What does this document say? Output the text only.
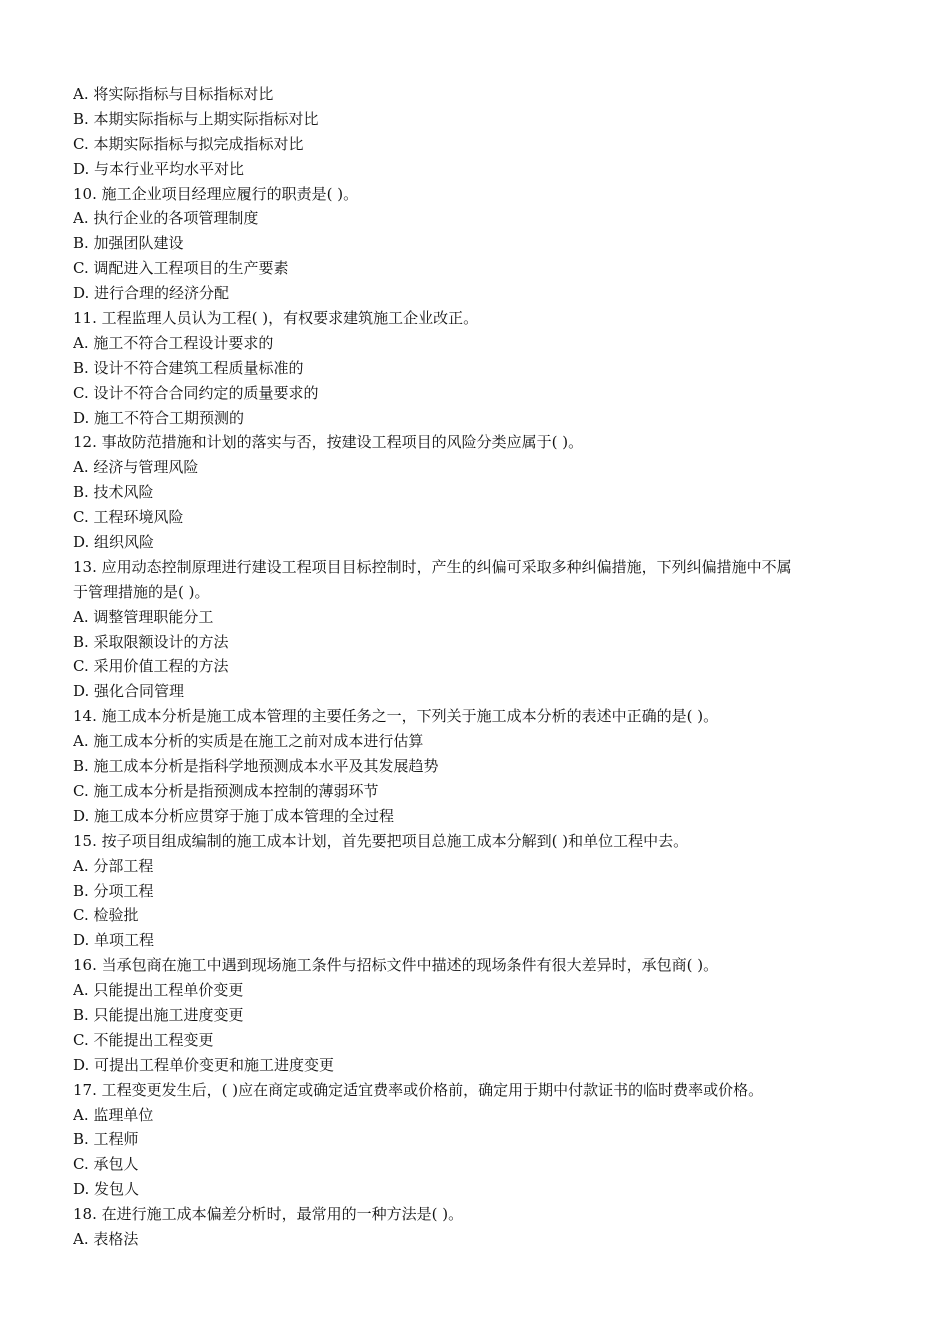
A. 将实际指标与目标指标对比
B. 本期实际指标与上期实际指标对比
C. 本期实际指标与拟完成指标对比
D. 与本行业平均水平对比
10. 施工企业项目经理应履行的职责是( )。
A. 执行企业的各项管理制度
B. 加强团队建设
C. 调配进入工程项目的生产要素
D. 进行合理的经济分配
11. 工程监理人员认为工程( )，有权要求建筑施工企业改正。
A. 施工不符合工程设计要求的
B. 设计不符合建筑工程质量标准的
C. 设计不符合合同约定的质量要求的
D. 施工不符合工期预测的
12. 事故防范措施和计划的落实与否，按建设工程项目的风险分类应属于( )。
A. 经济与管理风险
B. 技术风险
C. 工程环境风险
D. 组织风险
13. 应用动态控制原理进行建设工程项目目标控制时，产生的纠偏可采取多种纠偏措施，下列纠偏措施中不属
于管理措施的是( )。
A. 调整管理职能分工
B. 采取限额设计的方法
C. 采用价值工程的方法
D. 强化合同管理
14. 施工成本分析是施工成本管理的主要任务之一，下列关于施工成本分析的表述中正确的是( )。
A. 施工成本分析的实质是在施工之前对成本进行估算
B. 施工成本分析是指科学地预测成本水平及其发展趋势
C. 施工成本分析是指预测成本控制的薄弱环节
D. 施工成本分析应贯穿于施丁成本管理的全过程
15. 按子项目组成编制的施工成本计划，首先要把项目总施工成本分解到( )和单位工程中去。
A. 分部工程
B. 分项工程
C. 检验批
D. 单项工程
16. 当承包商在施工中遇到现场施工条件与招标文件中描述的现场条件有很大差异时，承包商( )。
A. 只能提出工程单价变更
B. 只能提出施工进度变更
C. 不能提出工程变更
D. 可提出工程单价变更和施工进度变更
17. 工程变更发生后，( )应在商定或确定适宜费率或价格前，确定用于期中付款证书的临时费率或价格。
A. 监理单位
B. 工程师
C. 承包人
D. 发包人
18. 在进行施工成本偏差分析时，最常用的一种方法是( )。
A. 表格法
